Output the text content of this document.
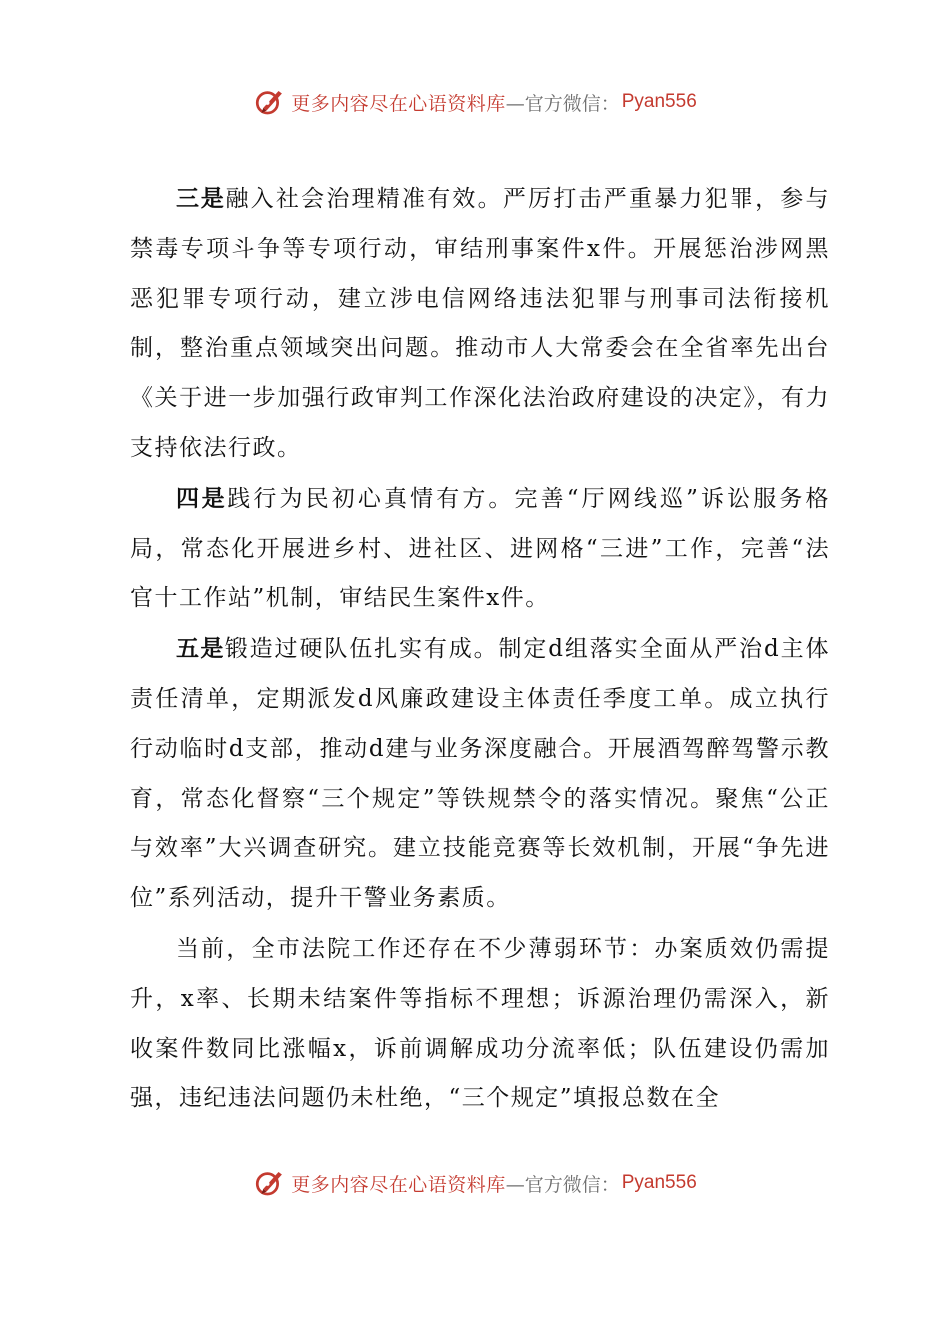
更多内容尽在心语资料库 —官方微信： Pyan556

三是融入社会治理精准有效。严厉打击严重暴力犯罪，参与禁毒专项斗争等专项行动，审结刑事案件x件。开展惩治涉网黑恶犯罪专项行动，建立涉电信网络违法犯罪与刑事司法衔接机制，整治重点领域突出问题。推动市人大常委会在全省率先出台《关于进一步加强行政审判工作深化法治政府建设的决定》，有力支持依法行政。

四是践行为民初心真情有方。完善“厅网线巡”诉讼服务格局，常态化开展进乡村、进社区、进网格“三进”工作，完善“法官十工作站”机制，审结民生案件x件。

五是锻造过硬队伍扎实有成。制定d组落实全面从严治d主体责任清单，定期派发d风廉政建设主体责任季度工单。成立执行行动临时d支部，推动d建与业务深度融合。开展酒驾醉驾警示教育，常态化督察“三个规定”等铁规禁令的落实情况。聚焦“公正与效率”大兴调查研究。建立技能竞赛等长效机制，开展“争先进位”系列活动，提升干警业务素质。

当前，全市法院工作还存在不少薄弱环节：办案质效仍需提升，x率、长期未结案件等指标不理想；诉源治理仍需深入，新收案件数同比涨幅x，诉前调解成功分流率低；队伍建设仍需加强，违纪违法问题仍未杜绝，“三个规定”填报总数在全

更多内容尽在心语资料库 —官方微信： Pyan556
